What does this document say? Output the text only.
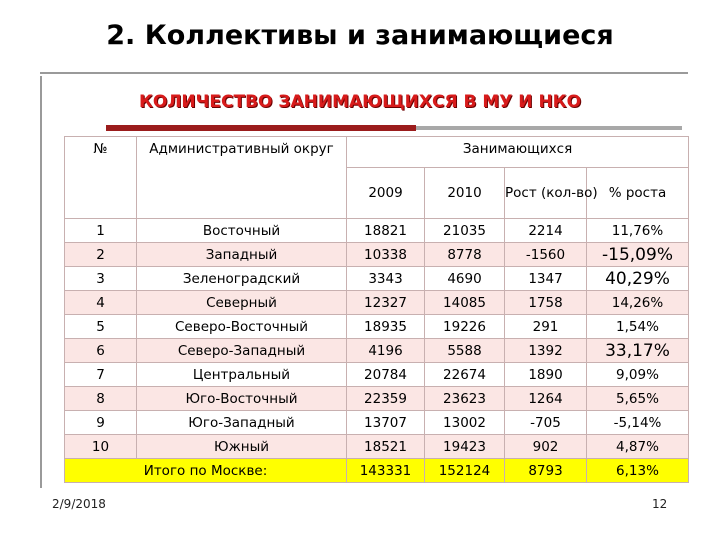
2. Коллективы и занимающиеся
КОЛИЧЕСТВО ЗАНИМАЮЩИХСЯ В МУ И НКО
№	Административный округ	Занимающихся			
		2009	2010	Рост (кол-во)	% роста
1	Восточный	18821	21035	2214	11,76%
2	Западный	10338	8778	-1560	-15,09%
3	Зеленоградский	3343	4690	1347	40,29%
4	Северный	12327	14085	1758	14,26%
5	Северо-Восточный	18935	19226	291	1,54%
6	Северо-Западный	4196	5588	1392	33,17%
7	Центральный	20784	22674	1890	9,09%
8	Юго-Восточный	22359	23623	1264	5,65%
9	Юго-Западный	13707	13002	-705	-5,14%
10	Южный	18521	19423	902	4,87%
Итого по Москве:		143331	152124	8793	6,13%
2/9/2018	12
